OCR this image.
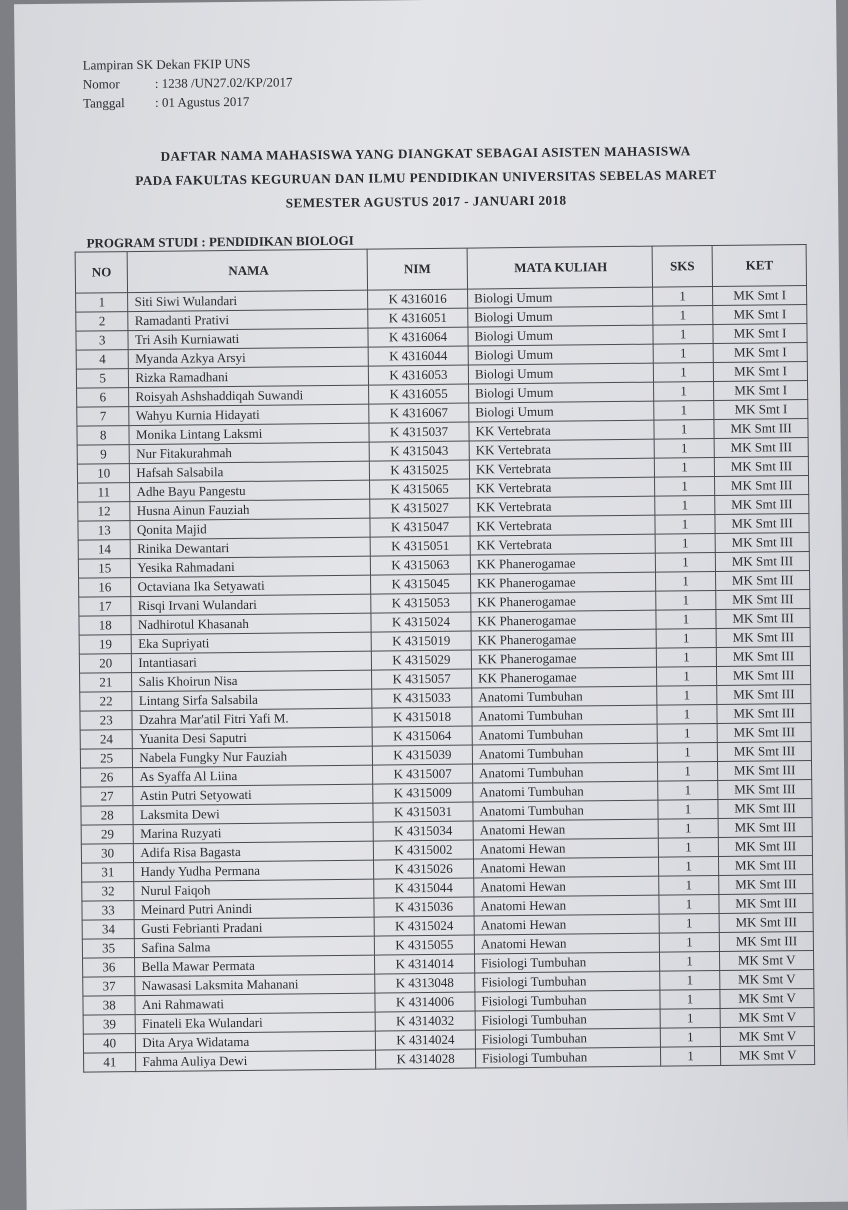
Lampiran SK Dekan FKIP UNS
Nomor	: 1238 /UN27.02/KP/2017
Tanggal	: 01 Agustus 2017
DAFTAR NAMA MAHASISWA YANG DIANGKAT SEBAGAI ASISTEN MAHASISWA
PADA FAKULTAS KEGURUAN DAN ILMU PENDIDIKAN UNIVERSITAS SEBELAS MARET
SEMESTER AGUSTUS 2017 - JANUARI 2018
PROGRAM STUDI : PENDIDIKAN BIOLOGI
NO	NAMA	NIM	MATA KULIAH	SKS	KET
1	Siti Siwi Wulandari	K 4316016	Biologi Umum	1	MK Smt I
2	Ramadanti Prativi	K 4316051	Biologi Umum	1	MK Smt I
3	Tri Asih Kurniawati	K 4316064	Biologi Umum	1	MK Smt I
4	Myanda Azkya Arsyi	K 4316044	Biologi Umum	1	MK Smt I
5	Rizka Ramadhani	K 4316053	Biologi Umum	1	MK Smt I
6	Roisyah Ashshaddiqah Suwandi	K 4316055	Biologi Umum	1	MK Smt I
7	Wahyu Kurnia Hidayati	K 4316067	Biologi Umum	1	MK Smt I
8	Monika Lintang Laksmi	K 4315037	KK Vertebrata	1	MK Smt III
9	Nur Fitakurahmah	K 4315043	KK Vertebrata	1	MK Smt III
10	Hafsah Salsabila	K 4315025	KK Vertebrata	1	MK Smt III
11	Adhe Bayu Pangestu	K 4315065	KK Vertebrata	1	MK Smt III
12	Husna Ainun Fauziah	K 4315027	KK Vertebrata	1	MK Smt III
13	Qonita Majid	K 4315047	KK Vertebrata	1	MK Smt III
14	Rinika Dewantari	K 4315051	KK Vertebrata	1	MK Smt III
15	Yesika Rahmadani	K 4315063	KK Phanerogamae	1	MK Smt III
16	Octaviana Ika Setyawati	K 4315045	KK Phanerogamae	1	MK Smt III
17	Risqi Irvani Wulandari	K 4315053	KK Phanerogamae	1	MK Smt III
18	Nadhirotul Khasanah	K 4315024	KK Phanerogamae	1	MK Smt III
19	Eka Supriyati	K 4315019	KK Phanerogamae	1	MK Smt III
20	Intantiasari	K 4315029	KK Phanerogamae	1	MK Smt III
21	Salis Khoirun Nisa	K 4315057	KK Phanerogamae	1	MK Smt III
22	Lintang Sirfa Salsabila	K 4315033	Anatomi Tumbuhan	1	MK Smt III
23	Dzahra Mar'atil Fitri Yafi M.	K 4315018	Anatomi Tumbuhan	1	MK Smt III
24	Yuanita Desi Saputri	K 4315064	Anatomi Tumbuhan	1	MK Smt III
25	Nabela Fungky Nur Fauziah	K 4315039	Anatomi Tumbuhan	1	MK Smt III
26	As Syaffa Al Liina	K 4315007	Anatomi Tumbuhan	1	MK Smt III
27	Astin Putri Setyowati	K 4315009	Anatomi Tumbuhan	1	MK Smt III
28	Laksmita Dewi	K 4315031	Anatomi Tumbuhan	1	MK Smt III
29	Marina Ruzyati	K 4315034	Anatomi Hewan	1	MK Smt III
30	Adifa Risa Bagasta	K 4315002	Anatomi Hewan	1	MK Smt III
31	Handy Yudha Permana	K 4315026	Anatomi Hewan	1	MK Smt III
32	Nurul Faiqoh	K 4315044	Anatomi Hewan	1	MK Smt III
33	Meinard Putri Anindi	K 4315036	Anatomi Hewan	1	MK Smt III
34	Gusti Febrianti Pradani	K 4315024	Anatomi Hewan	1	MK Smt III
35	Safina Salma	K 4315055	Anatomi Hewan	1	MK Smt III
36	Bella Mawar Permata	K 4314014	Fisiologi Tumbuhan	1	MK Smt V
37	Nawasasi Laksmita Mahanani	K 4313048	Fisiologi Tumbuhan	1	MK Smt V
38	Ani Rahmawati	K 4314006	Fisiologi Tumbuhan	1	MK Smt V
39	Finateli Eka Wulandari	K 4314032	Fisiologi Tumbuhan	1	MK Smt V
40	Dita Arya Widatama	K 4314024	Fisiologi Tumbuhan	1	MK Smt V
41	Fahma Auliya Dewi	K 4314028	Fisiologi Tumbuhan	1	MK Smt V
